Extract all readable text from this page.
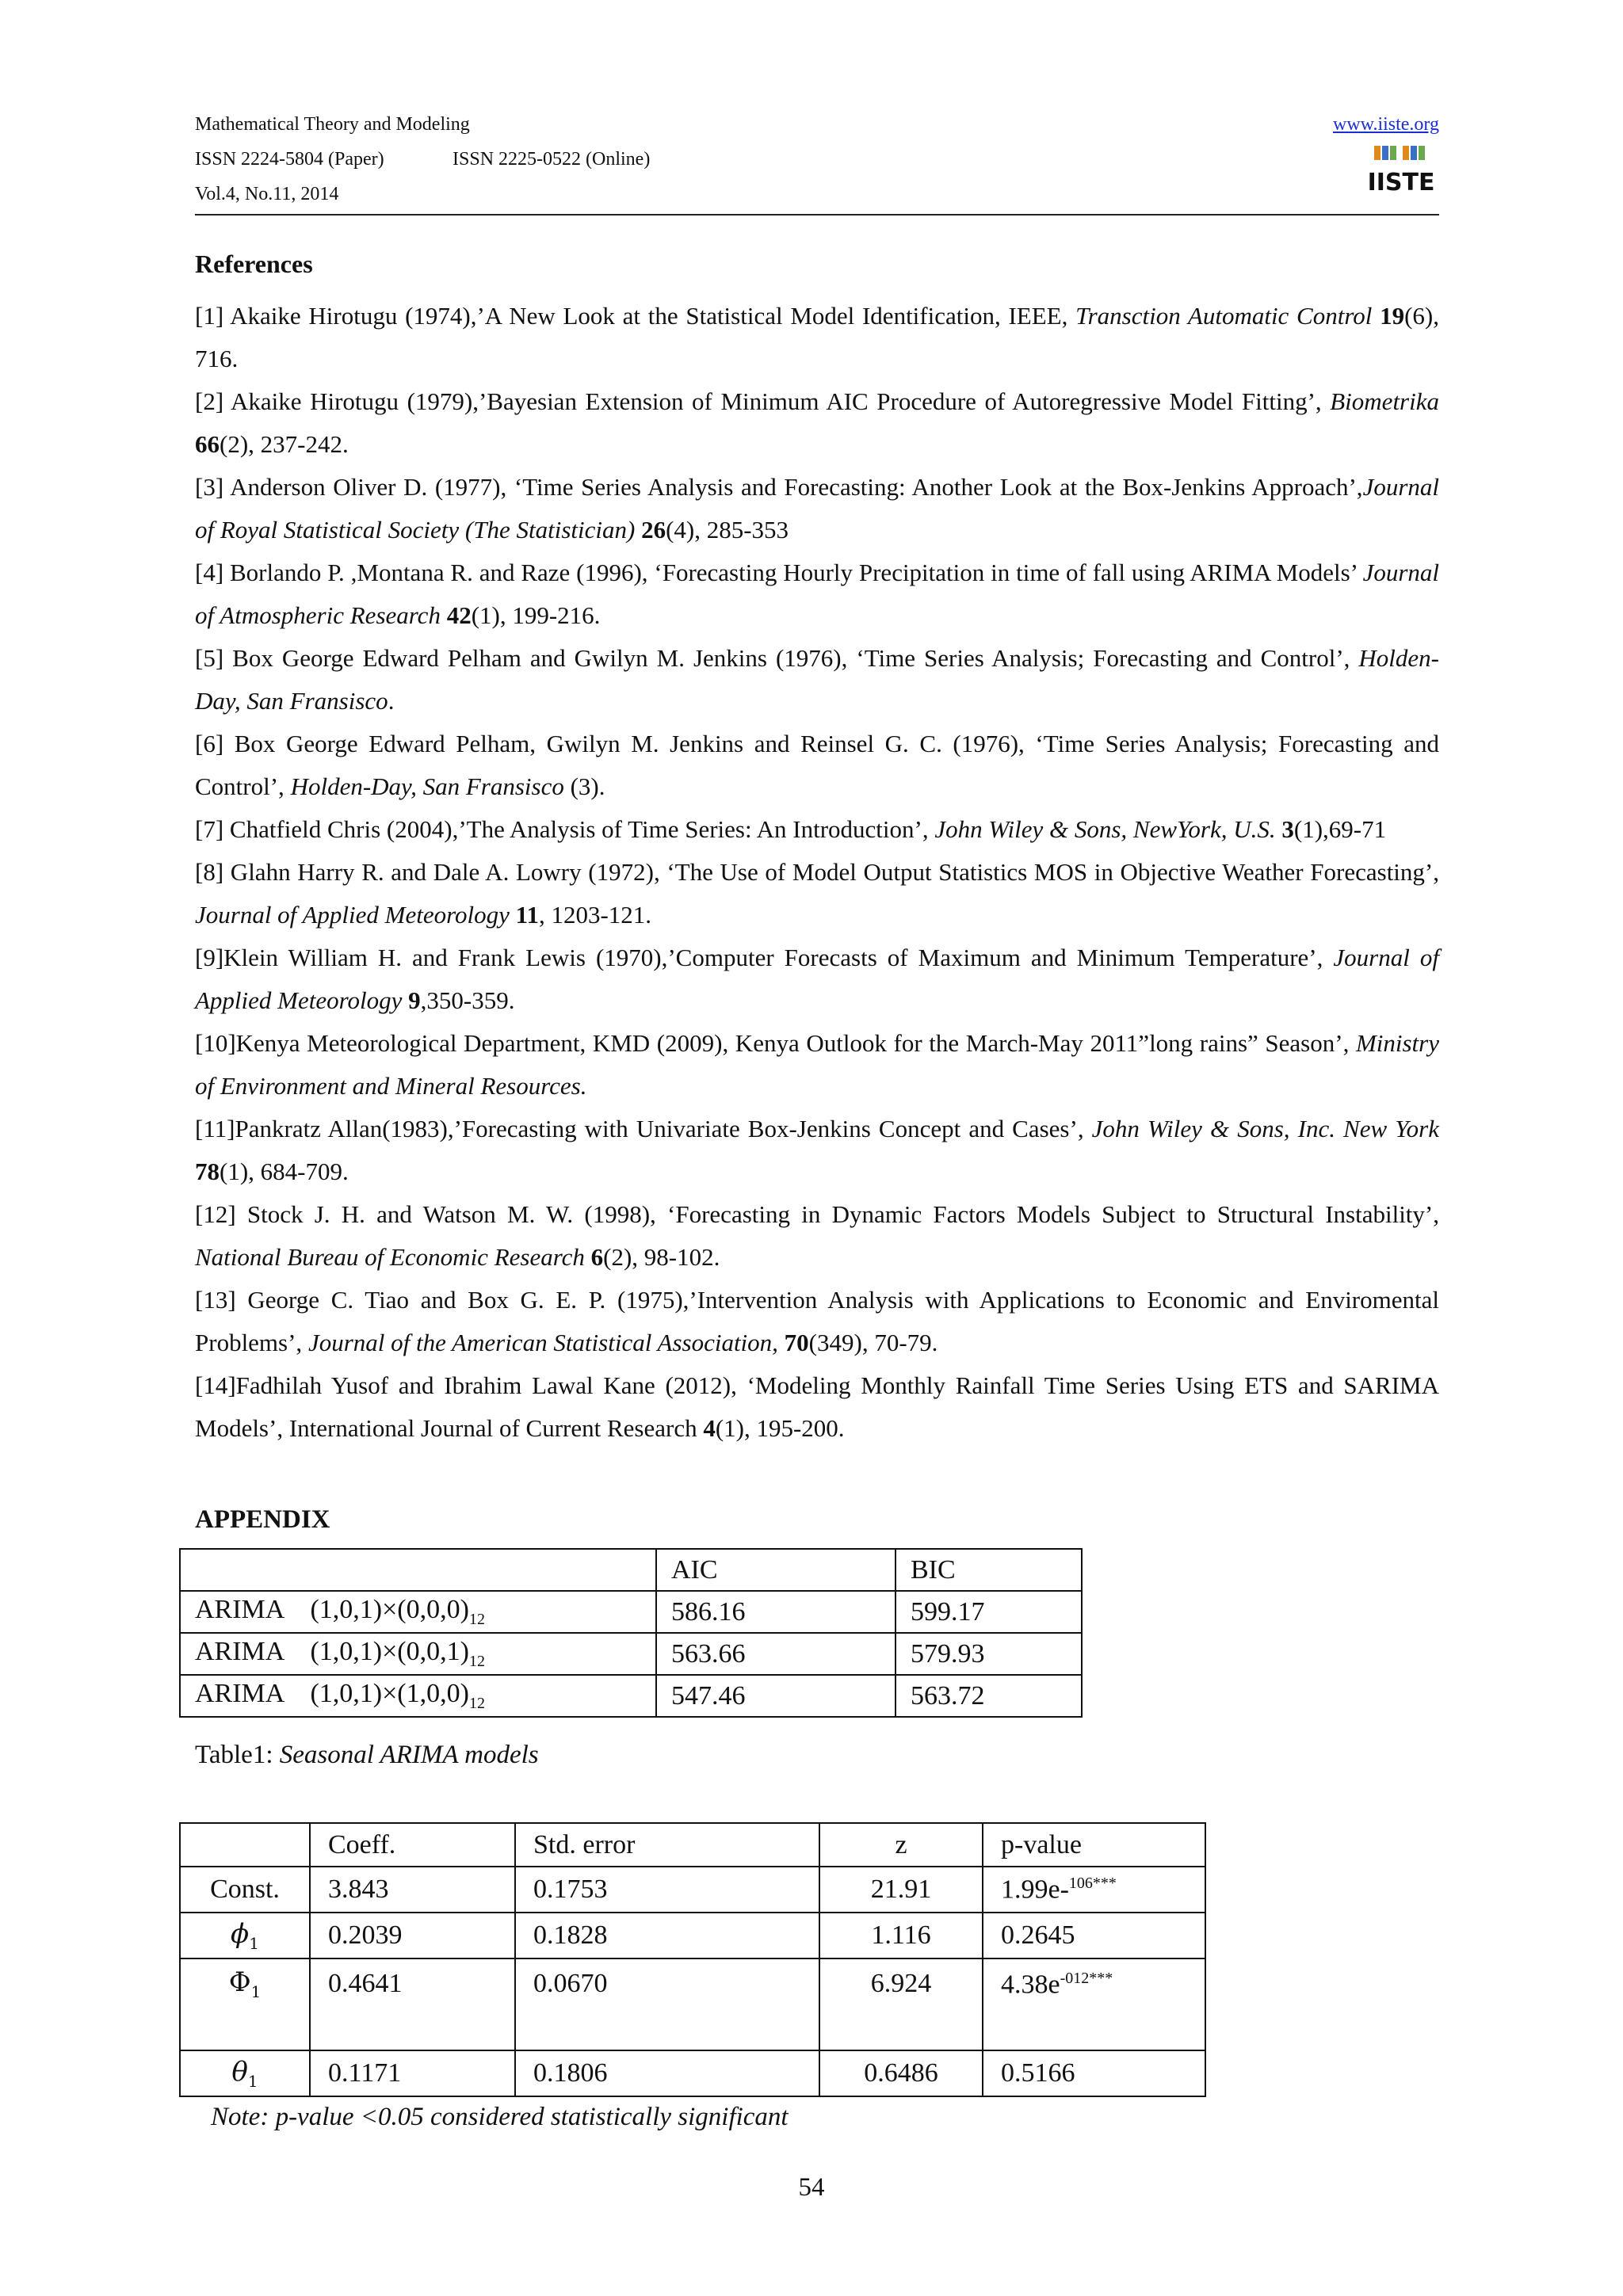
Mathematical Theory and Modeling
ISSN 2224-5804 (Paper)	ISSN 2225-0522 (Online)
Vol.4, No.11, 2014
www.iiste.org
IISTE
References
[1] Akaike Hirotugu (1974),’A New Look at the Statistical Model Identification, IEEE, Transction Automatic Control 19(6), 716.
[2] Akaike Hirotugu (1979),’Bayesian Extension of Minimum AIC Procedure of Autoregressive Model Fitting’, Biometrika 66(2), 237-242.
[3] Anderson Oliver D. (1977), ‘Time Series Analysis and Forecasting: Another Look at the Box-Jenkins Approach’,Journal of Royal Statistical Society (The Statistician) 26(4), 285-353
[4] Borlando P. ,Montana R. and Raze (1996), ‘Forecasting Hourly Precipitation in time of fall using ARIMA Models’ Journal of Atmospheric Research 42(1), 199-216.
[5] Box George Edward Pelham and Gwilyn M. Jenkins (1976), ‘Time Series Analysis; Forecasting and Control’, Holden-Day, San Fransisco.
[6] Box George Edward Pelham, Gwilyn M. Jenkins and Reinsel G. C. (1976), ‘Time Series Analysis; Forecasting and Control’, Holden-Day, San Fransisco (3).
[7] Chatfield Chris (2004),’The Analysis of Time Series: An Introduction’, John Wiley & Sons, NewYork, U.S. 3(1),69-71
[8] Glahn Harry R. and Dale A. Lowry (1972), ‘The Use of Model Output Statistics MOS in Objective Weather Forecasting’, Journal of Applied Meteorology 11, 1203-121.
[9]Klein William H. and Frank Lewis (1970),’Computer Forecasts of Maximum and Minimum Temperature’, Journal of Applied Meteorology 9,350-359.
[10]Kenya Meteorological Department, KMD (2009), Kenya Outlook for the March-May 2011”long rains” Season’, Ministry of Environment and Mineral Resources.
[11]Pankratz Allan(1983),’Forecasting with Univariate Box-Jenkins Concept and Cases’, John Wiley & Sons, Inc. New York 78(1), 684-709.
[12] Stock J. H. and Watson M. W. (1998), ‘Forecasting in Dynamic Factors Models Subject to Structural Instability’, National Bureau of Economic Research 6(2), 98-102.
[13] George C. Tiao and Box G. E. P. (1975),’Intervention Analysis with Applications to Economic and Enviromental Problems’, Journal of the American Statistical Association, 70(349), 70-79.
[14]Fadhilah Yusof and Ibrahim Lawal Kane (2012), ‘Modeling Monthly Rainfall Time Series Using ETS and SARIMA Models’, International Journal of Current Research 4(1), 195-200.
APPENDIX
	AIC	BIC
ARIMA    $(1,0,1)\times(0,0,0)_{12}$	586.16	599.17
ARIMA    $(1,0,1)\times(0,0,1)_{12}$	563.66	579.93
ARIMA    $(1,0,1)\times(1,0,0)_{12}$	547.46	563.72
Table1: Seasonal ARIMA models
	Coeff.	Std. error	z	p-value
Const.	3.843	0.1753	21.91	1.99e-$^{106***}$
$\phi_1$	0.2039	0.1828	1.116	0.2645
$\Phi_1$	0.4641	0.0670	6.924	$4.38e^{-012***}$
$\theta_1$	0.1171	0.1806	0.6486	0.5166
Note: p-value <0.05 considered statistically significant
54
